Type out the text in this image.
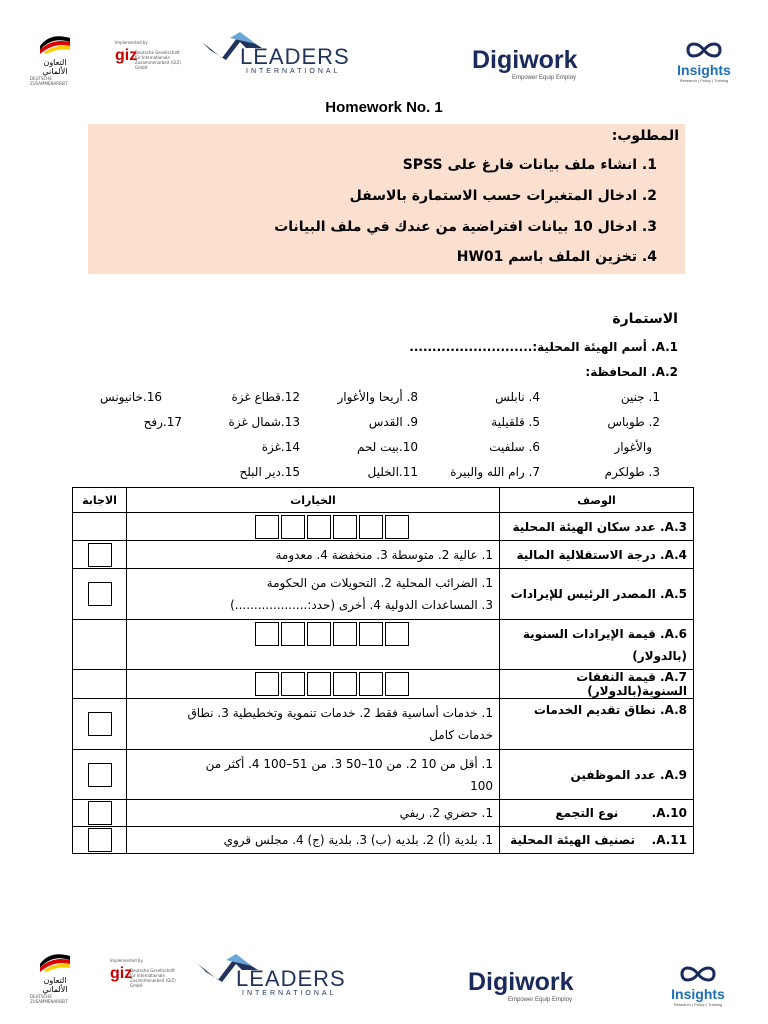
التعاون
الألماني
DEUTSCHE ZUSAMMENARBEIT
Implemented by
giz
Deutsche Gesellschaft für Internationale Zusammenarbeit (GIZ) GmbH	LEADERS
INTERNATIONAL	Digiwork
Empower Equip Employ	Insights
Research | Policy | Training
Homework No. 1
المطلوب:
1. انشاء ملف بيانات فارغ على SPSS
2. ادخال المتغيرات حسب الاستمارة بالاسفل
3. ادخال 10 بيانات افتراضية من عندك في ملف البيانات
4. تخزين الملف باسم HW01
الاستمارة
A.1. أسم الهيئة المحلية:...........................
A.2. المحافظة:
1. جنين
2. طوباس
والأغوار
3. طولكرم
4. نابلس
5. قلقيلية
6. سلفيت
7. رام الله والبيرة
8. أريحا والأغوار
9. القدس
10.بيت لحم
11.الخليل
12.قطاع غزة
13.شمال غزة
14.غزة
15.دير البلح
16.خانيونس
17.رفح
الوصف	الخيارات	الاجابة
A.3. عدد سكان الهيئة المحلية	

A.4. درجة الاستقلالية المالية	1. عالية 2. متوسطة 3. منخفضة 4. معدومة	
A.5. المصدر الرئيس للإيرادات	1. الضرائب المحلية 2. التحويلات من الحكومة
3. المساعدات الدولية 4. أخرى (حدد:...................)	

A.6. قيمة الإيرادات السنوية
(بالدولار)		

A.7. قيمة النفقات السنوية(بالدولار)	

A.8. نطاق تقديم الخدمات	1. خدمات أساسية فقط 2. خدمات تنموية وتخطيطية 3. نطاق
خدمات كامل	

A.9. عدد الموظفين	1. أقل من 10 2. من 10–50 3. من 51–100 4. أكثر من
100	

A.10.        نوع التجمع	1. حضري 2. ريفي	
A.11.    تصنيف الهيئة المحلية	1. بلدية (أ) 2. بلديه (ب) 3. بلدية (ج) 4. مجلس قروي	
التعاون
الألماني
DEUTSCHE ZUSAMMENARBEIT
Implemented by
giz
Deutsche Gesellschaft für Internationale Zusammenarbeit (GIZ) GmbH	LEADERS
INTERNATIONAL	Digiwork
Empower Equip Employ	Insights
Research | Policy | Training
